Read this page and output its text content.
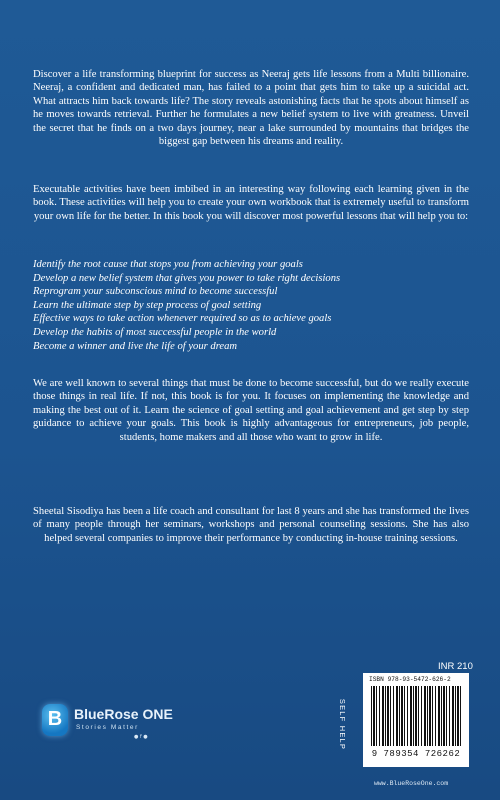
Discover a life transforming blueprint for success as Neeraj gets life lessons from a Multi billionaire. Neeraj, a confident and dedicated man, has failed to a point that gets him to take up a suicidal act. What attracts him back towards life? The story reveals astonishing facts that he spots about himself as he moves towards retrieval. Further he formulates a new belief system to live with greatness. Unveil the secret that he finds on a two days journey, near a lake surrounded by mountains that bridges the biggest gap between his dreams and reality.

Executable activities have been imbibed in an interesting way following each learning given in the book. These activities will help you to create your own workbook that is extremely useful to transform your own life for the better. In this book you will discover most powerful lessons that will help you to:

Identify the root cause that stops you from achieving your goals
Develop a new belief system that gives you power to take right decisions
Reprogram your subconscious mind to become successful
Learn the ultimate step by step process of goal setting
Effective ways to take action whenever required so as to achieve goals
Develop the habits of most successful people in the world
Become a winner and live the life of your dream

We are well known to several things that must be done to become successful, but do we really execute those things in real life. If not, this book is for you. It focuses on implementing the knowledge and making the best out of it. Learn the science of goal setting and goal achievement and get step by step guidance to achieve your goals. This book is highly advantageous for entrepreneurs, job people, students, home makers and all those who want to grow in life.

Sheetal Sisodiya has been a life coach and consultant for last 8 years and she has transformed the lives of many people through her seminars, workshops and personal counseling sessions. She has also helped several companies to improve their performance by conducting in-house training sessions.

B BlueRose ONE
Stories Matter
● f ●
INR 210
SELF HELP
ISBN 978-93-5472-626-2
9 789354 726262
www.BlueRoseOne.com
